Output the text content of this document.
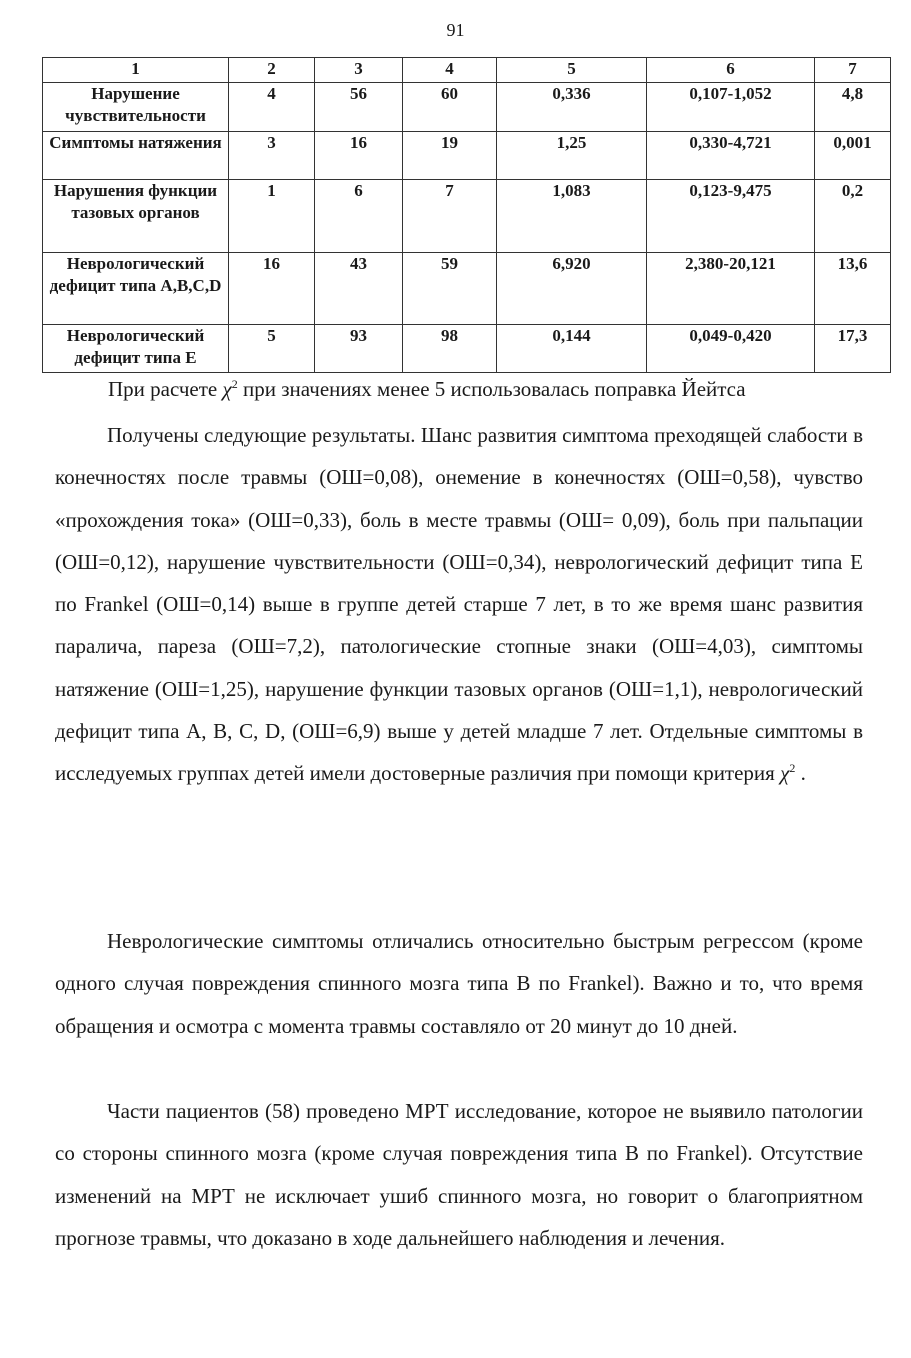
91
1	2	3	4	5	6	7
Нарушение чувствительности	4	56	60	0,336	0,107-1,052	4,8
Симптомы натяжения	3	16	19	1,25	0,330-4,721	0,001
Нарушения функции тазовых органов	1	6	7	1,083	0,123-9,475	0,2
Неврологический дефицит типа A,B,C,D	16	43	59	6,920	2,380-20,121	13,6
Неврологический дефицит типа Е	5	93	98	0,144	0,049-0,420	17,3
При расчете $\chi^2$ при значениях менее 5 использовалась поправка Йейтса

Получены следующие результаты. Шанс развития симптома преходящей слабости в конечностях после травмы (ОШ=0,08), онемение в конечностях (ОШ=0,58), чувство «прохождения тока» (ОШ=0,33), боль в месте травмы (ОШ= 0,09), боль при пальпации (ОШ=0,12), нарушение чувствительности (ОШ=0,34), неврологический дефицит типа Е по Frankel (ОШ=0,14) выше в группе детей старше 7 лет, в то же время шанс развития паралича, пареза (ОШ=7,2), патологические стопные знаки (ОШ=4,03), симптомы натяжение (ОШ=1,25), нарушение функции тазовых органов (ОШ=1,1), неврологический дефицит типа А, В, С, D, (ОШ=6,9) выше у детей младше 7 лет. Отдельные симптомы в исследуемых группах детей имели достоверные различия при помощи критерия $\chi^2$ .

Неврологические симптомы отличались относительно быстрым регрессом (кроме одного случая повреждения спинного мозга типа В по Frankel). Важно и то, что время обращения и осмотра с момента травмы составляло от 20 минут до 10 дней.

Части пациентов (58) проведено МРТ исследование, которое не выявило патологии со стороны спинного мозга (кроме случая повреждения типа В по Frankel). Отсутствие изменений на МРТ не исключает ушиб спинного мозга, но говорит о благоприятном прогнозе травмы, что доказано в ходе дальнейшего наблюдения и лечения.
